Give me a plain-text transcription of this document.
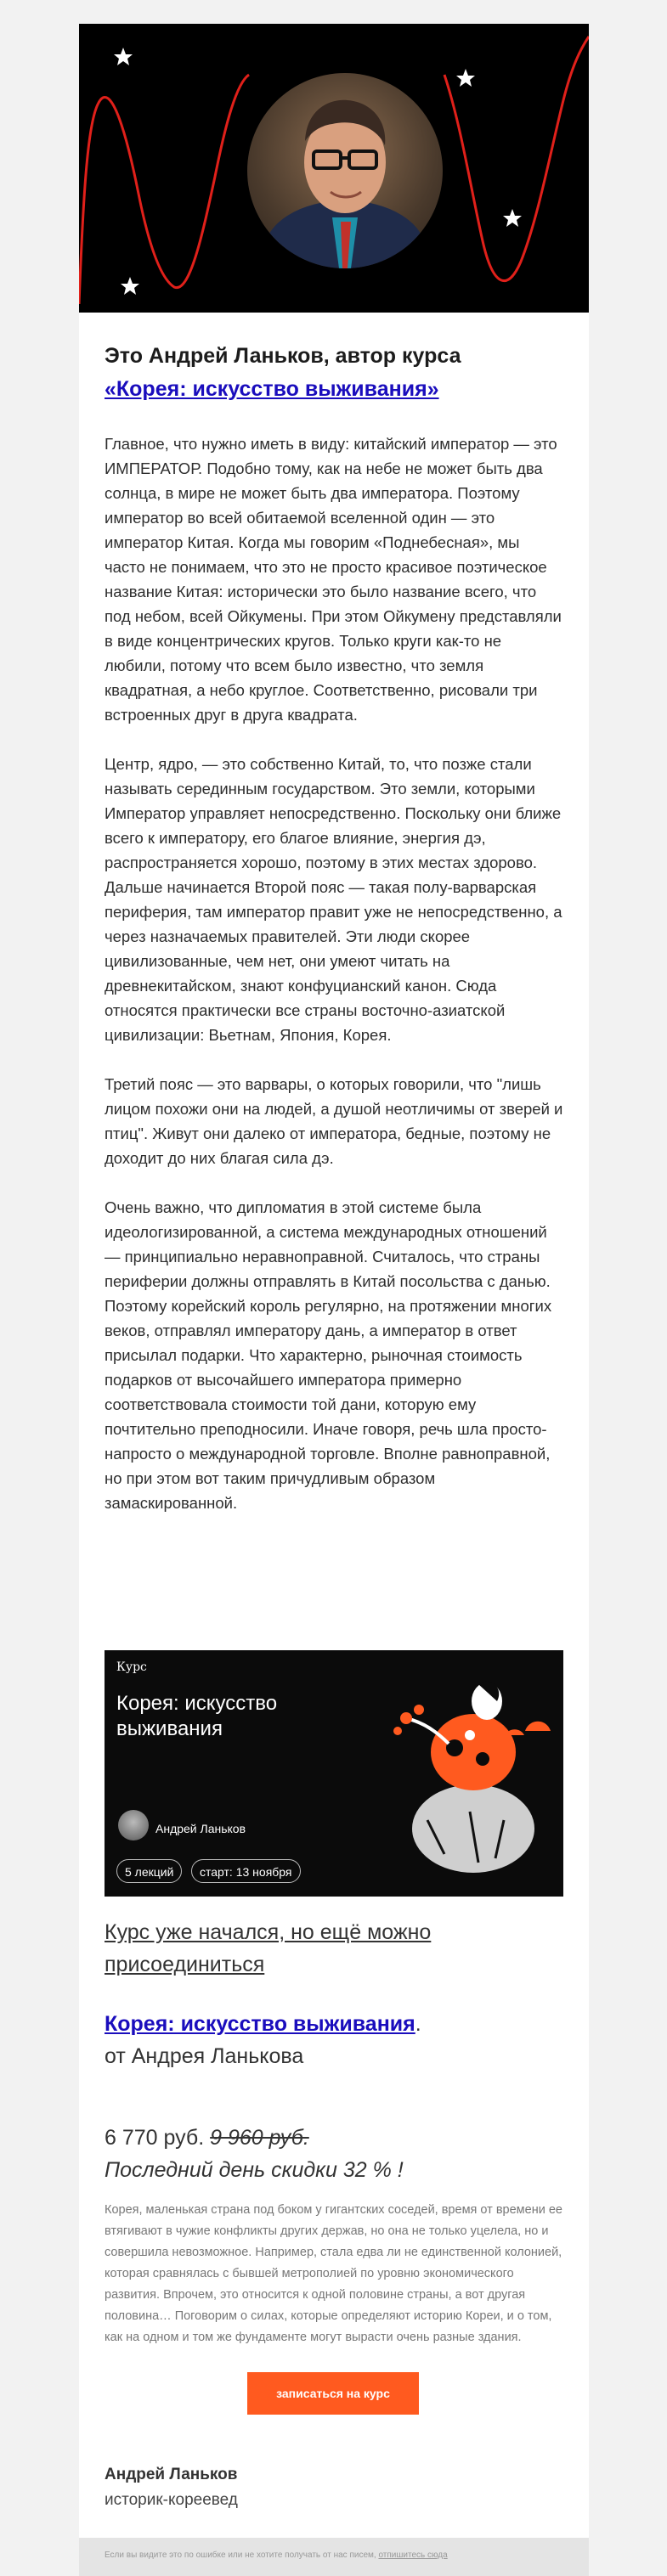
Это Андрей Ланьков, автор курса
«Корея: искусство выживания»

Главное, что нужно иметь в виду: китайский император — это ИМПЕРАТОР. Подобно тому, как на небе не может быть два солнца, в мире не может быть два императора. Поэтому император во всей обитаемой вселенной один — это император Китая. Когда мы говорим «Поднебесная», мы часто не понимаем, что это не просто красивое поэтическое название Китая: исторически это было название всего, что под небом, всей Ойкумены. При этом Ойкумену представляли в виде концентрических кругов. Только круги как-то не любили, потому что всем было известно, что земля квадратная, а небо круглое. Соответственно, рисовали три встроенных друг в друга квадрата.

Центр, ядро, — это собственно Китай, то, что позже стали называть серединным государством. Это земли, которыми Император управляет непосредственно. Поскольку они ближе всего к императору, его благое влияние, энергия дэ, распространяется хорошо, поэтому в этих местах здорово.

Дальше начинается Второй пояс — такая полу-варварская периферия, там император правит уже не непосредственно, а через назначаемых правителей. Эти люди скорее цивилизованные, чем нет, они умеют читать на древнекитайском, знают конфуцианский канон. Сюда относятся практически все страны восточно-азиатской цивилизации: Вьетнам, Япония, Корея.

Третий пояс — это варвары, о которых говорили, что "лишь лицом похожи они на людей, а душой неотличимы от зверей и птиц". Живут они далеко от императора, бедные, поэтому не доходит до них благая сила дэ.

Очень важно, что дипломатия в этой системе была идеологизированной, а система международных отношений — принципиально неравноправной. Считалось, что страны периферии должны отправлять в Китай посольства с данью. Поэтому корейский король регулярно, на протяжении многих веков, отправлял императору дань, а император в ответ присылал подарки. Что характерно, рыночная стоимость подарков от высочайшего императора примерно соответствовала стоимости той дани, которую ему почтительно преподносили. Иначе говоря, речь шла просто-напросто о международной торговле. Вполне равноправной, но при этом вот таким причудливым образом замаскированной.

Курс
Корея: искусство выживания
Андрей Ланьков
5 лекций	старт: 13 ноября
Курс уже начался, но ещё можно присоединиться
Корея: искусство выживания.
от Андрея Ланькова
6 770 руб. 9 960 руб.
Последний день скидки 32 % !
Корея, маленькая страна под боком у гигантских соседей, время от времени ее втягивают в чужие конфликты других держав, но она не только уцелела, но и совершила невозможное. Например, стала едва ли не единственной колонией, которая сравнялась с бывшей метрополией по уровню экономического развития. Впрочем, это относится к одной половине страны, а вот другая половина… Поговорим о силах, которые определяют историю Кореи, и о том, как на одном и том же фундаменте могут вырасти очень разные здания.
записаться на курс
Андрей Ланьков
историк-кореевед
Если вы видите это по ошибке или не хотите получать от нас писем, отпишитесь сюда
